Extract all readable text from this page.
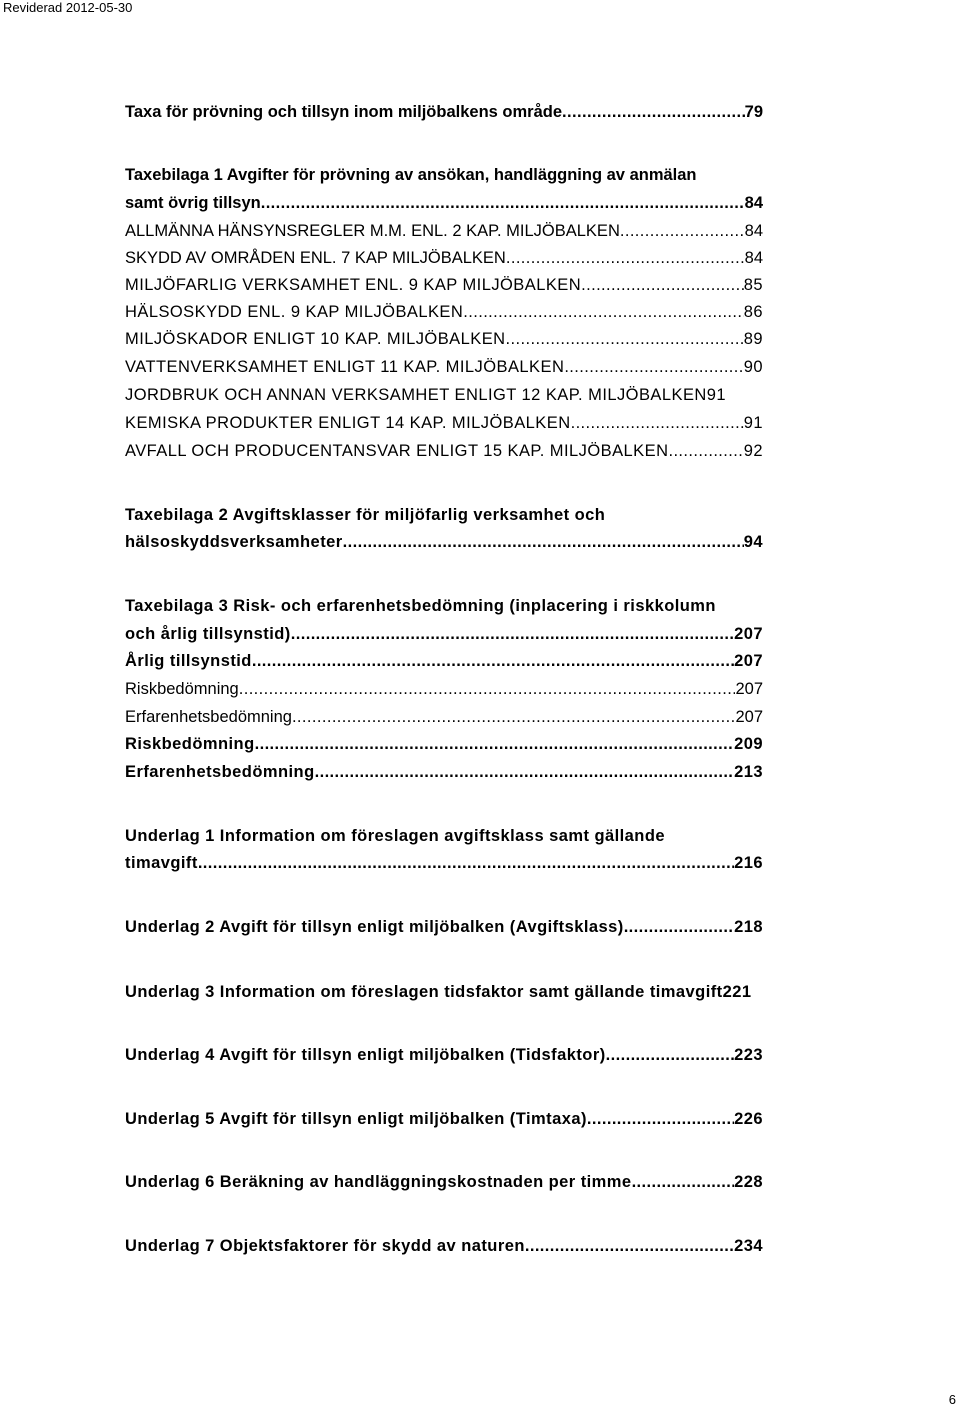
Reviderad 2012-05-30
Taxa för prövning och tillsyn inom miljöbalkens område .....	79
Taxebilaga 1 Avgifter för prövning av ansökan, handläggning av anmälan
samt övrig tillsyn .....	84
ALLMÄNNA HÄNSYNSREGLER M.M. ENL. 2 KAP. MILJÖBALKEN .....	84
SKYDD AV OMRÅDEN ENL. 7 KAP MILJÖBALKEN .....	84
MILJÖFARLIG VERKSAMHET ENL. 9 KAP MILJÖBALKEN .....	85
HÄLSOSKYDD ENL. 9 KAP MILJÖBALKEN .....	86
MILJÖSKADOR ENLIGT 10 KAP. MILJÖBALKEN .....	89
VATTENVERKSAMHET ENLIGT 11 KAP. MILJÖBALKEN .....	90
JORDBRUK OCH ANNAN VERKSAMHET ENLIGT 12 KAP. MILJÖBALKEN91
KEMISKA PRODUKTER ENLIGT 14 KAP. MILJÖBALKEN .....	91
AVFALL OCH PRODUCENTANSVAR ENLIGT 15 KAP. MILJÖBALKEN .....	92
Taxebilaga 2 Avgiftsklasser för miljöfarlig verksamhet och
hälsoskyddsverksamheter .....	94
Taxebilaga 3 Risk- och erfarenhetsbedömning (inplacering i riskkolumn
och årlig tillsynstid) .....	207
Årlig tillsynstid .....	207
Riskbedömning .....	207
Erfarenhetsbedömning .....	207
Riskbedömning .....	209
Erfarenhetsbedömning .....	213
Underlag 1 Information om föreslagen avgiftsklass samt gällande
timavgift .....	216
Underlag 2 Avgift för tillsyn enligt miljöbalken (Avgiftsklass) .....	218
Underlag 3 Information om föreslagen tidsfaktor samt gällande timavgift221
Underlag 4 Avgift för tillsyn enligt miljöbalken (Tidsfaktor) .....	223
Underlag 5 Avgift för tillsyn enligt miljöbalken (Timtaxa) .....	226
Underlag 6 Beräkning av handläggningskostnaden per timme .....	228
Underlag 7 Objektsfaktorer för skydd av naturen .....	234
6
